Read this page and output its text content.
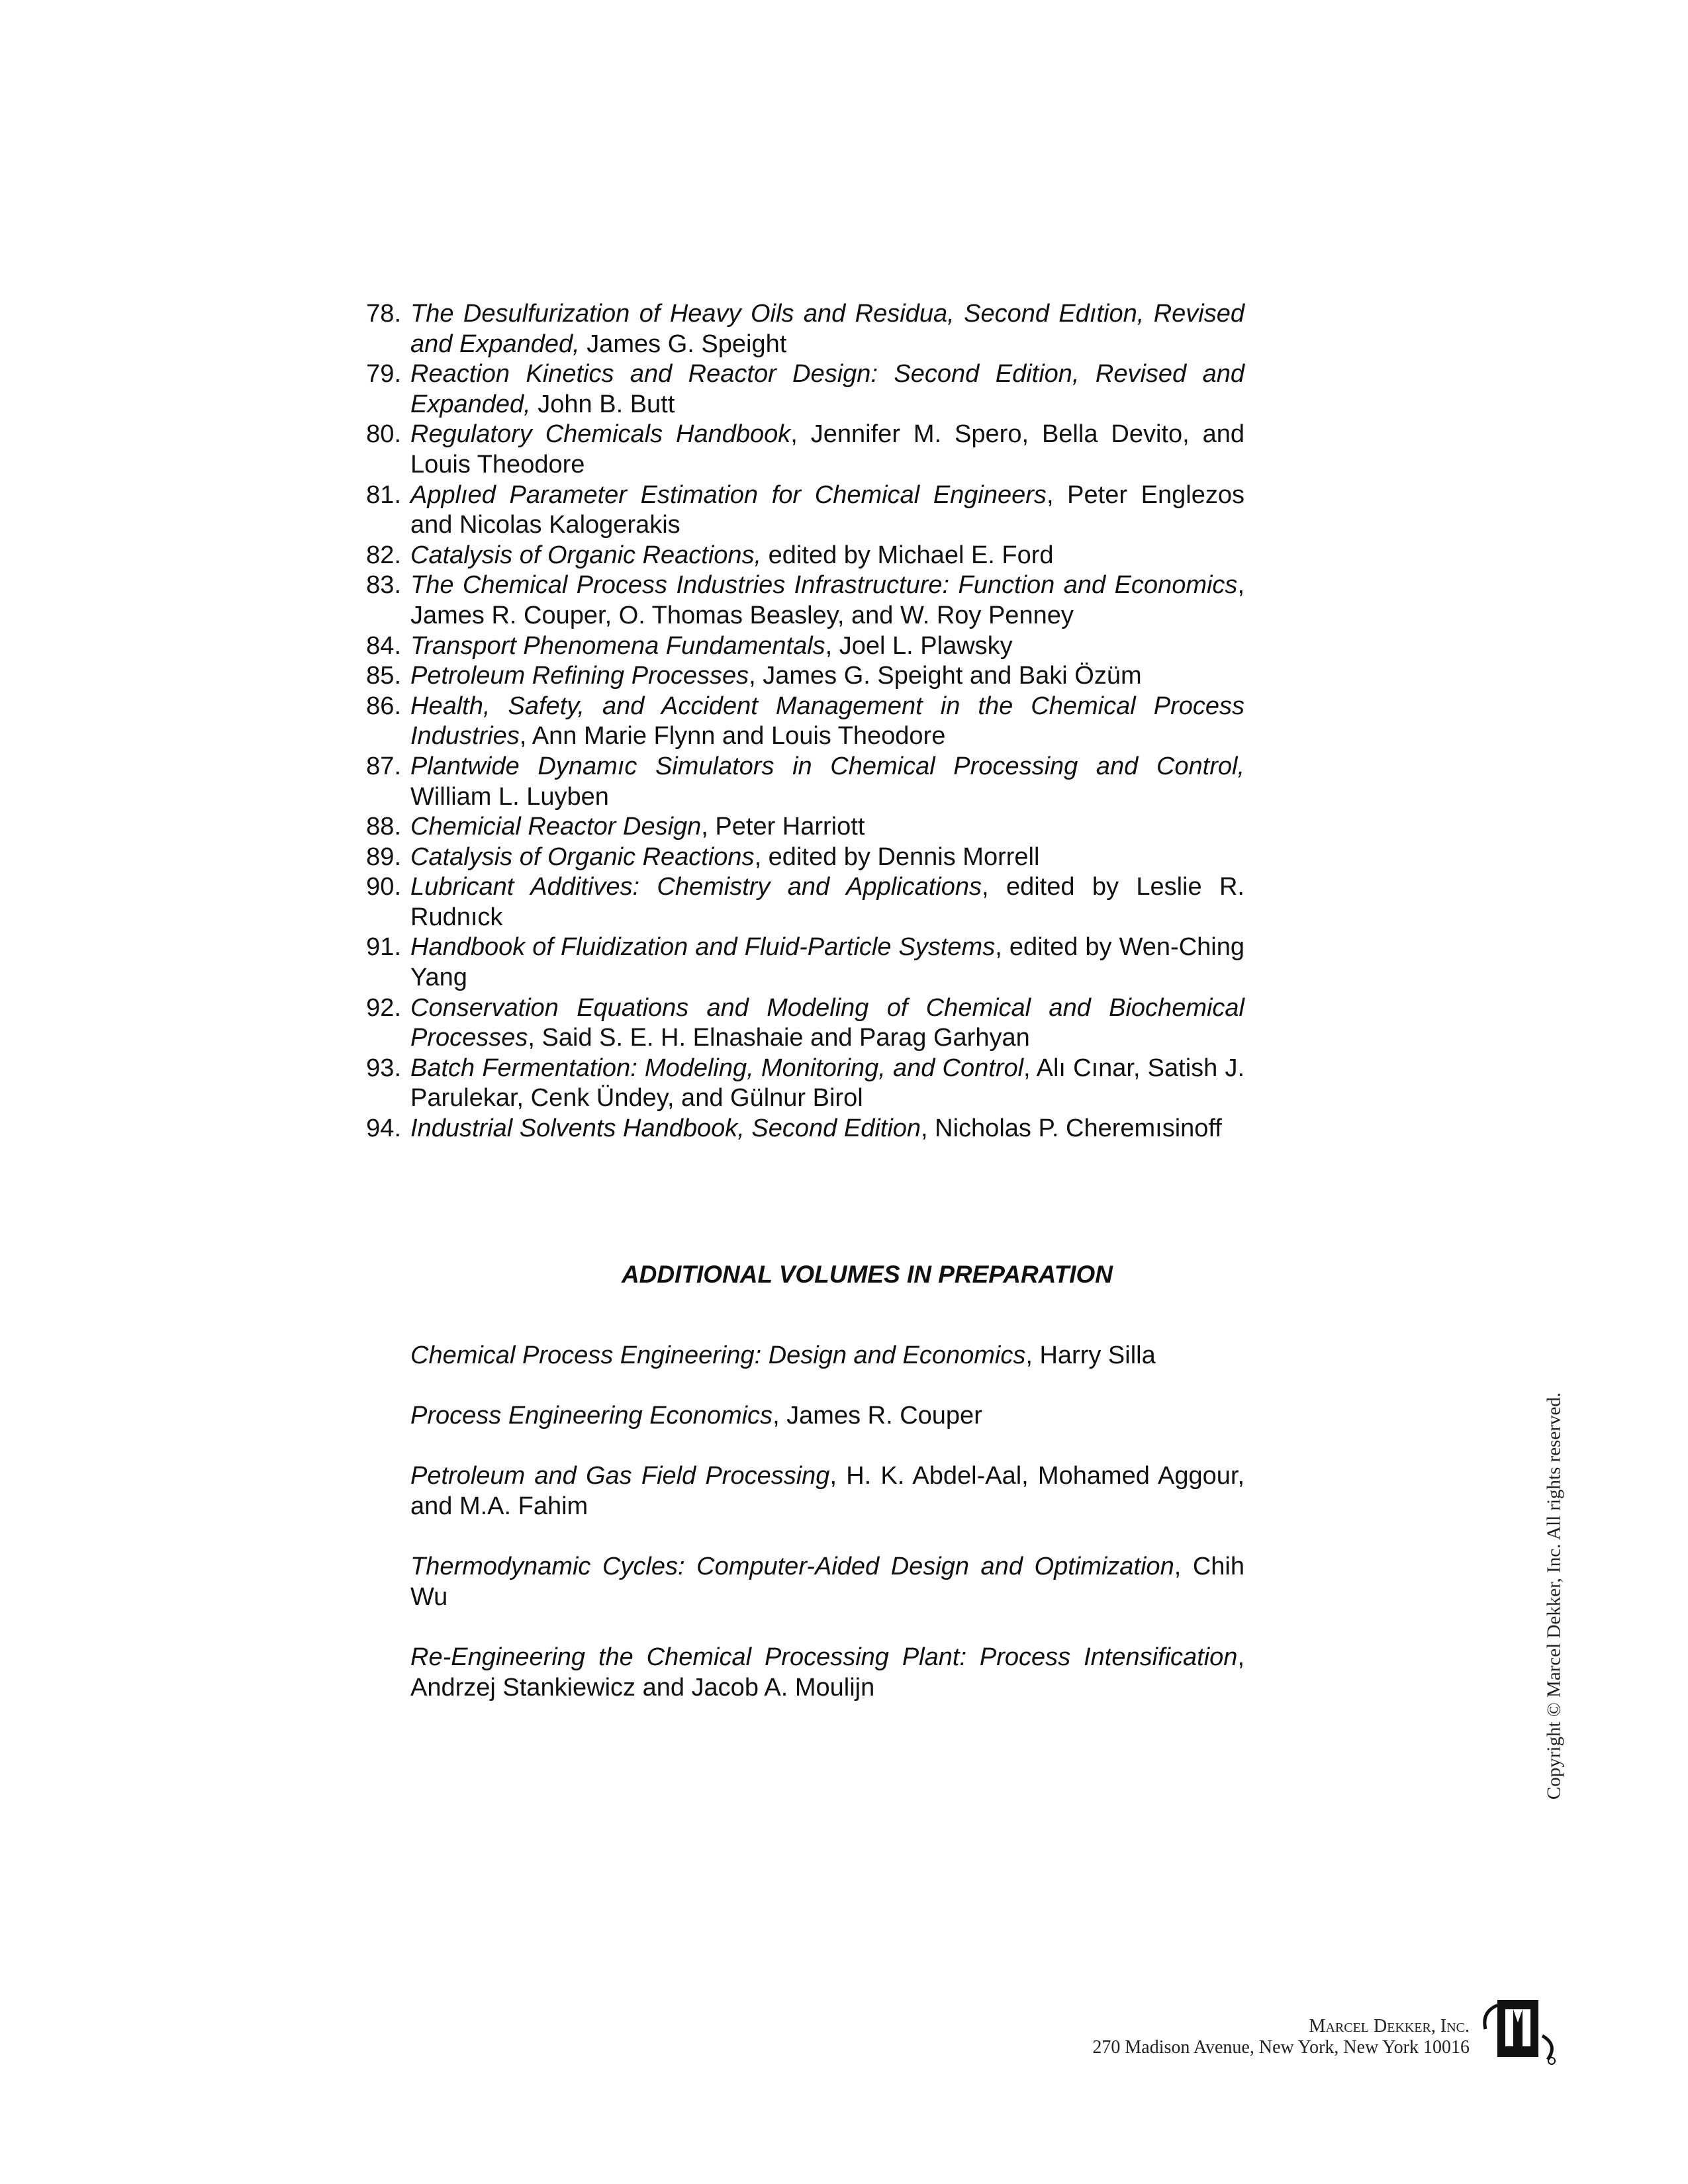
78. The Desulfurization of Heavy Oils and Residua, Second Edıtion, Revised and Expanded, James G. Speight
79. Reaction Kinetics and Reactor Design: Second Edition, Revised and Expanded, John B. Butt
80. Regulatory Chemicals Handbook, Jennifer M. Spero, Bella Devito, and Louis Theodore
81. Applıed Parameter Estimation for Chemical Engineers, Peter Englezos and Nicolas Kalogerakis
82. Catalysis of Organic Reactions, edited by Michael E. Ford
83. The Chemical Process Industries Infrastructure: Function and Economics, James R. Couper, O. Thomas Beasley, and W. Roy Penney
84. Transport Phenomena Fundamentals, Joel L. Plawsky
85. Petroleum Refining Processes, James G. Speight and Baki Özüm
86. Health, Safety, and Accident Management in the Chemical Process Industries, Ann Marie Flynn and Louis Theodore
87. Plantwide Dynamıc Simulators in Chemical Processing and Control, William L. Luyben
88. Chemicial Reactor Design, Peter Harriott
89. Catalysis of Organic Reactions, edited by Dennis Morrell
90. Lubricant Additives: Chemistry and Applications, edited by Leslie R. Rudnıck
91. Handbook of Fluidization and Fluid-Particle Systems, edited by Wen-Ching Yang
92. Conservation Equations and Modeling of Chemical and Biochemical Processes, Said S. E. H. Elnashaie and Parag Garhyan
93. Batch Fermentation: Modeling, Monitoring, and Control, Alı Cınar, Satish J. Parulekar, Cenk Ündey, and Gülnur Birol
94. Industrial Solvents Handbook, Second Edition, Nicholas P. Cheremısinoff
ADDITIONAL VOLUMES IN PREPARATION

Chemical Process Engineering: Design and Economics, Harry Silla

Process Engineering Economics, James R. Couper

Petroleum and Gas Field Processing, H. K. Abdel-Aal, Mohamed Aggour, and M.A. Fahim

Thermodynamic Cycles: Computer-Aided Design and Optimization, Chih Wu

Re-Engineering the Chemical Processing Plant: Process Intensification, Andrzej Stankiewicz and Jacob A. Moulijn	Copyright © Marcel Dekker, Inc. All rights reserved.
Marcel Dekker, Inc.
270 Madison Avenue, New York, New York 10016
